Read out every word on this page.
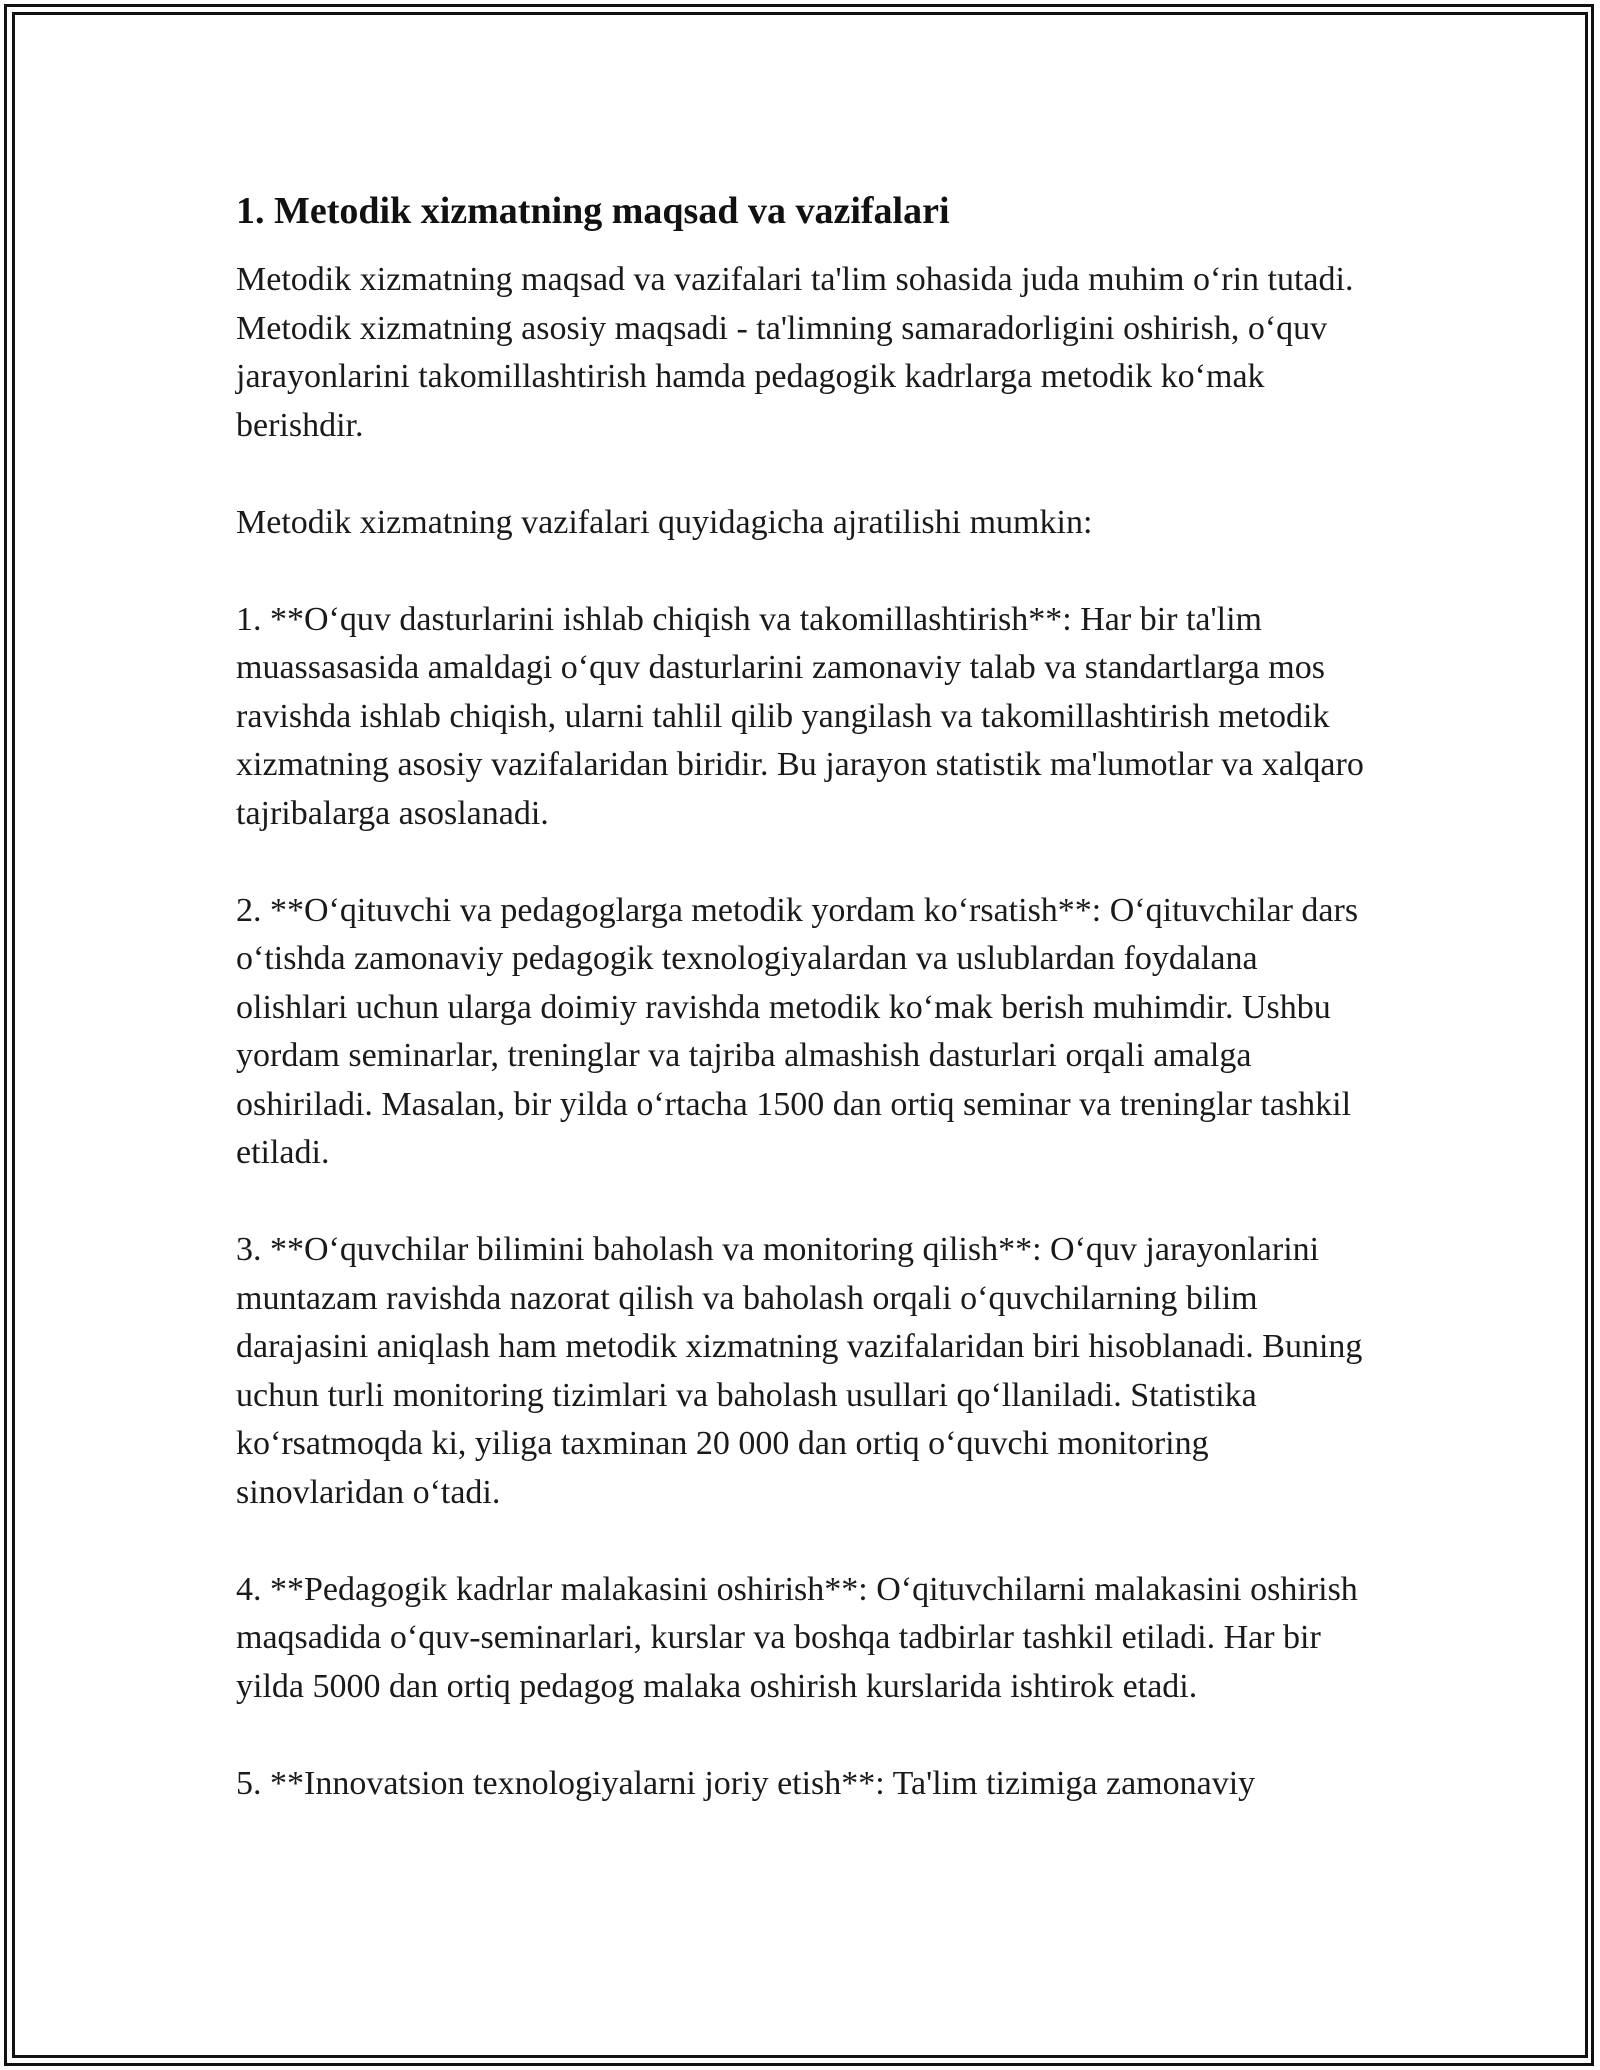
1. Metodik xizmatning maqsad va vazifalari

Metodik xizmatning maqsad va vazifalari ta'lim sohasida juda muhim o‘rin tutadi. Metodik xizmatning asosiy maqsadi - ta'limning samaradorligini oshirish, o‘quv jarayonlarini takomillashtirish hamda pedagogik kadrlarga metodik ko‘mak berishdir.

Metodik xizmatning vazifalari quyidagicha ajratilishi mumkin:

1. **O‘quv dasturlarini ishlab chiqish va takomillashtirish**: Har bir ta'lim muassasasida amaldagi o‘quv dasturlarini zamonaviy talab va standartlarga mos ravishda ishlab chiqish, ularni tahlil qilib yangilash va takomillashtirish metodik xizmatning asosiy vazifalaridan biridir. Bu jarayon statistik ma'lumotlar va xalqaro tajribalarga asoslanadi.

2. **O‘qituvchi va pedagoglarga metodik yordam ko‘rsatish**: O‘qituvchilar dars o‘tishda zamonaviy pedagogik texnologiyalardan va uslublardan foydalana olishlari uchun ularga doimiy ravishda metodik ko‘mak berish muhimdir. Ushbu yordam seminarlar, treninglar va tajriba almashish dasturlari orqali amalga oshiriladi. Masalan, bir yilda o‘rtacha 1500 dan ortiq seminar va treninglar tashkil etiladi.

3. **O‘quvchilar bilimini baholash va monitoring qilish**: O‘quv jarayonlarini muntazam ravishda nazorat qilish va baholash orqali o‘quvchilarning bilim darajasini aniqlash ham metodik xizmatning vazifalaridan biri hisoblanadi. Buning uchun turli monitoring tizimlari va baholash usullari qo‘llaniladi. Statistika ko‘rsatmoqda ki, yiliga taxminan 20 000 dan ortiq o‘quvchi monitoring sinovlaridan o‘tadi.

4. **Pedagogik kadrlar malakasini oshirish**: O‘qituvchilarni malakasini oshirish maqsadida o‘quv-seminarlari, kurslar va boshqa tadbirlar tashkil etiladi. Har bir yilda 5000 dan ortiq pedagog malaka oshirish kurslarida ishtirok etadi.

5. **Innovatsion texnologiyalarni joriy etish**: Ta'lim tizimiga zamonaviy
